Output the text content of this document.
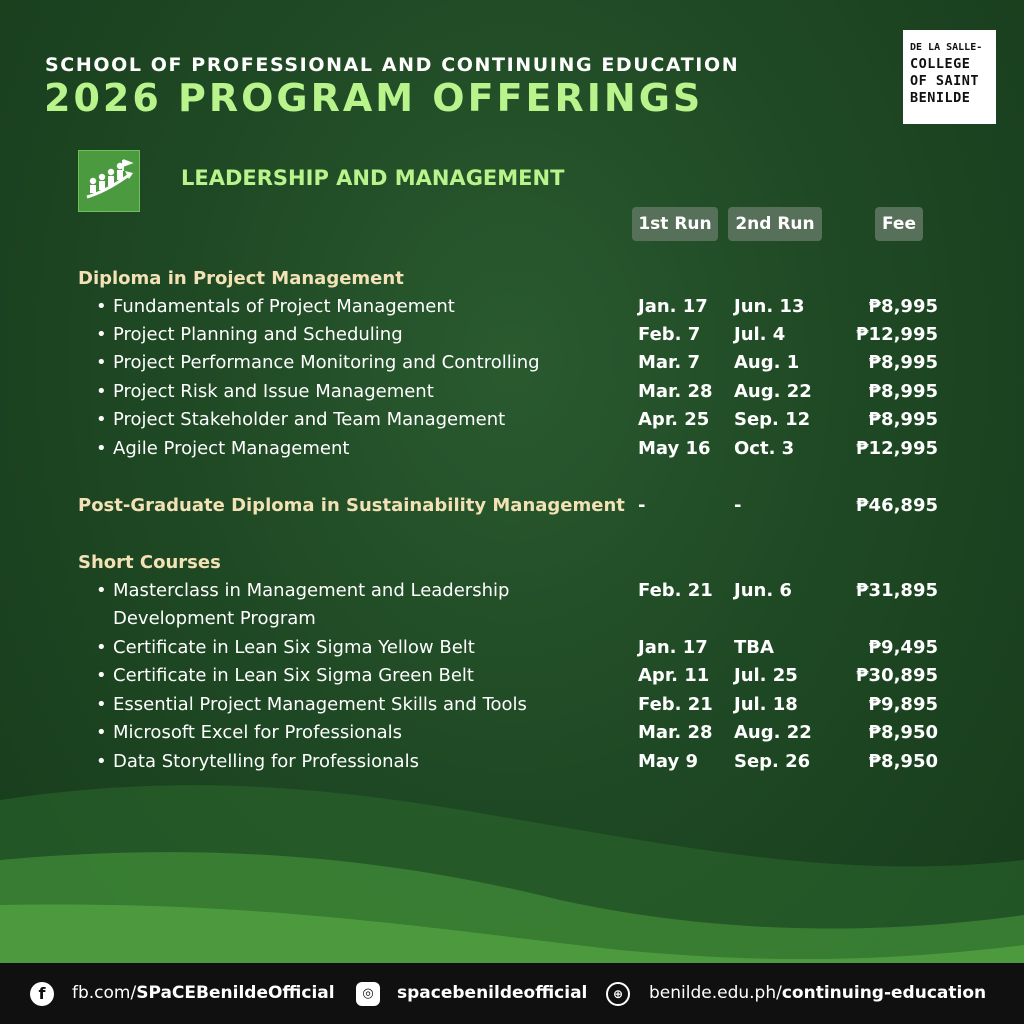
SCHOOL OF PROFESSIONAL AND CONTINUING EDUCATION
2026 PROGRAM OFFERINGS
DE LA SALLE-
COLLEGE
OF SAINT
BENILDE
LEADERSHIP AND MANAGEMENT
1st Run	2nd Run	Fee
Diploma in Project Management
• Fundamentals of Project Management	Jan. 17 Jun. 13	₱8,995
• Project Planning and Scheduling	Feb. 7 Jul. 4	₱12,995
• Project Performance Monitoring and Controlling	Mar. 7 Aug. 1	₱8,995
• Project Risk and Issue Management	Mar. 28 Aug. 22	₱8,995
• Project Stakeholder and Team Management	Apr. 25 Sep. 12	₱8,995
• Agile Project Management	May 16 Oct. 3	₱12,995
Post-Graduate Diploma in Sustainability Management -	-	₱46,895
Short Courses
• Masterclass in Management and Leadership
Development Program
Feb. 21 Jun. 6	₱31,895
• Certificate in Lean Six Sigma Yellow Belt	Jan. 17 TBA	₱9,495
• Certificate in Lean Six Sigma Green Belt	Apr. 11 Jul. 25	₱30,895
• Essential Project Management Skills and Tools	Feb. 21 Jul. 18	₱9,895
• Microsoft Excel for Professionals	Mar. 28 Aug. 22	₱8,950
• Data Storytelling for Professionals	May 9 Sep. 26	₱8,950
f	fb.com/SPaCEBenildeOfficial	◎	spacebenildeofficial	⊕	benilde.edu.ph/continuing-education
